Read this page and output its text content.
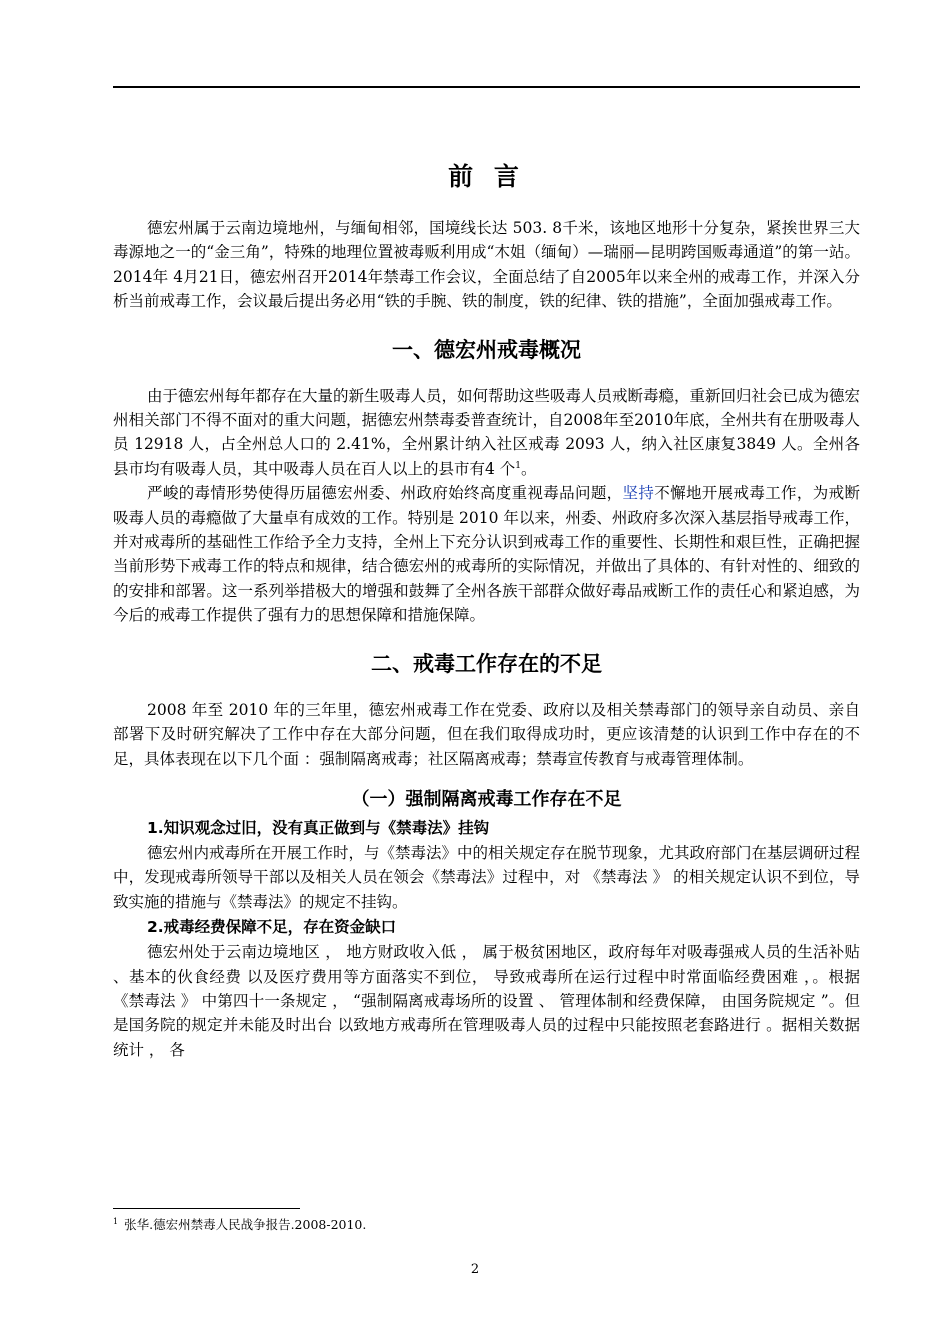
前 言

德宏州属于云南边境地州，与缅甸相邻，国境线长达 503. 8千米，该地区地形十分复杂，紧挨世界三大毒源地之一的“金三角”，特殊的地理位置被毒贩利用成“木姐（缅甸）—瑞丽—昆明跨国贩毒通道”的第一站。2014年 4月21日，德宏州召开2014年禁毒工作会议，全面总结了自2005年以来全州的戒毒工作，并深入分析当前戒毒工作，会议最后提出务必用“铁的手腕、铁的制度，铁的纪律、铁的措施”，全面加强戒毒工作。

一、德宏州戒毒概况

由于德宏州每年都存在大量的新生吸毒人员，如何帮助这些吸毒人员戒断毒瘾，重新回归社会已成为德宏州相关部门不得不面对的重大问题，据德宏州禁毒委普查统计，自2008年至2010年底，全州共有在册吸毒人员 12918 人，占全州总人口的 2.41%，全州累计纳入社区戒毒 2093 人，纳入社区康复3849 人。全州各县市均有吸毒人员，其中吸毒人员在百人以上的县市有4 个$^1$。

严峻的毒情形势使得历届德宏州委、州政府始终高度重视毒品问题，坚持不懈地开展戒毒工作，为戒断吸毒人员的毒瘾做了大量卓有成效的工作。特别是 2010 年以来，州委、州政府多次深入基层指导戒毒工作，并对戒毒所的基础性工作给予全力支持，全州上下充分认识到戒毒工作的重要性、长期性和艰巨性，正确把握当前形势下戒毒工作的特点和规律，结合德宏州的戒毒所的实际情况，并做出了具体的、有针对性的、细致的的安排和部署。这一系列举措极大的增强和鼓舞了全州各族干部群众做好毒品戒断工作的责任心和紧迫感，为今后的戒毒工作提供了强有力的思想保障和措施保障。

二、戒毒工作存在的不足

2008 年至 2010 年的三年里，德宏州戒毒工作在党委、政府以及相关禁毒部门的领导亲自动员、亲自部署下及时研究解决了工作中存在大部分问题，但在我们取得成功时，更应该清楚的认识到工作中存在的不足，具体表现在以下几个面 ：强制隔离戒毒；社区隔离戒毒；禁毒宣传教育与戒毒管理体制。

（一）强制隔离戒毒工作存在不足
1.知识观念过旧，没有真正做到与《禁毒法》挂钩

德宏州内戒毒所在开展工作时，与《禁毒法》中的相关规定存在脱节现象，尤其政府部门在基层调研过程中，发现戒毒所领导干部以及相关人员在领会《禁毒法》过程中，对 《禁毒法 》 的相关规定认识不到位，导致实施的措施与《禁毒法》的规定不挂钩。

2.戒毒经费保障不足，存在资金缺口

德宏州处于云南边境地区 ， 地方财政收入低 ， 属于极贫困地区，政府每年对吸毒强戒人员的生活补贴 、基本的伙食经费 以及医疗费用等方面落实不到位， 导致戒毒所在运行过程中时常面临经费困难 ，。根据《禁毒法 》 中第四十一条规定 ， “强制隔离戒毒场所的设置 、 管理体制和经费保障， 由国务院规定 ”。但是国务院的规定并未能及时出台 以致地方戒毒所在管理吸毒人员的过程中只能按照老套路进行 。据相关数据统计 ， 各

$^1$ 张华.德宏州禁毒人民战争报告.2008-2010.
2
